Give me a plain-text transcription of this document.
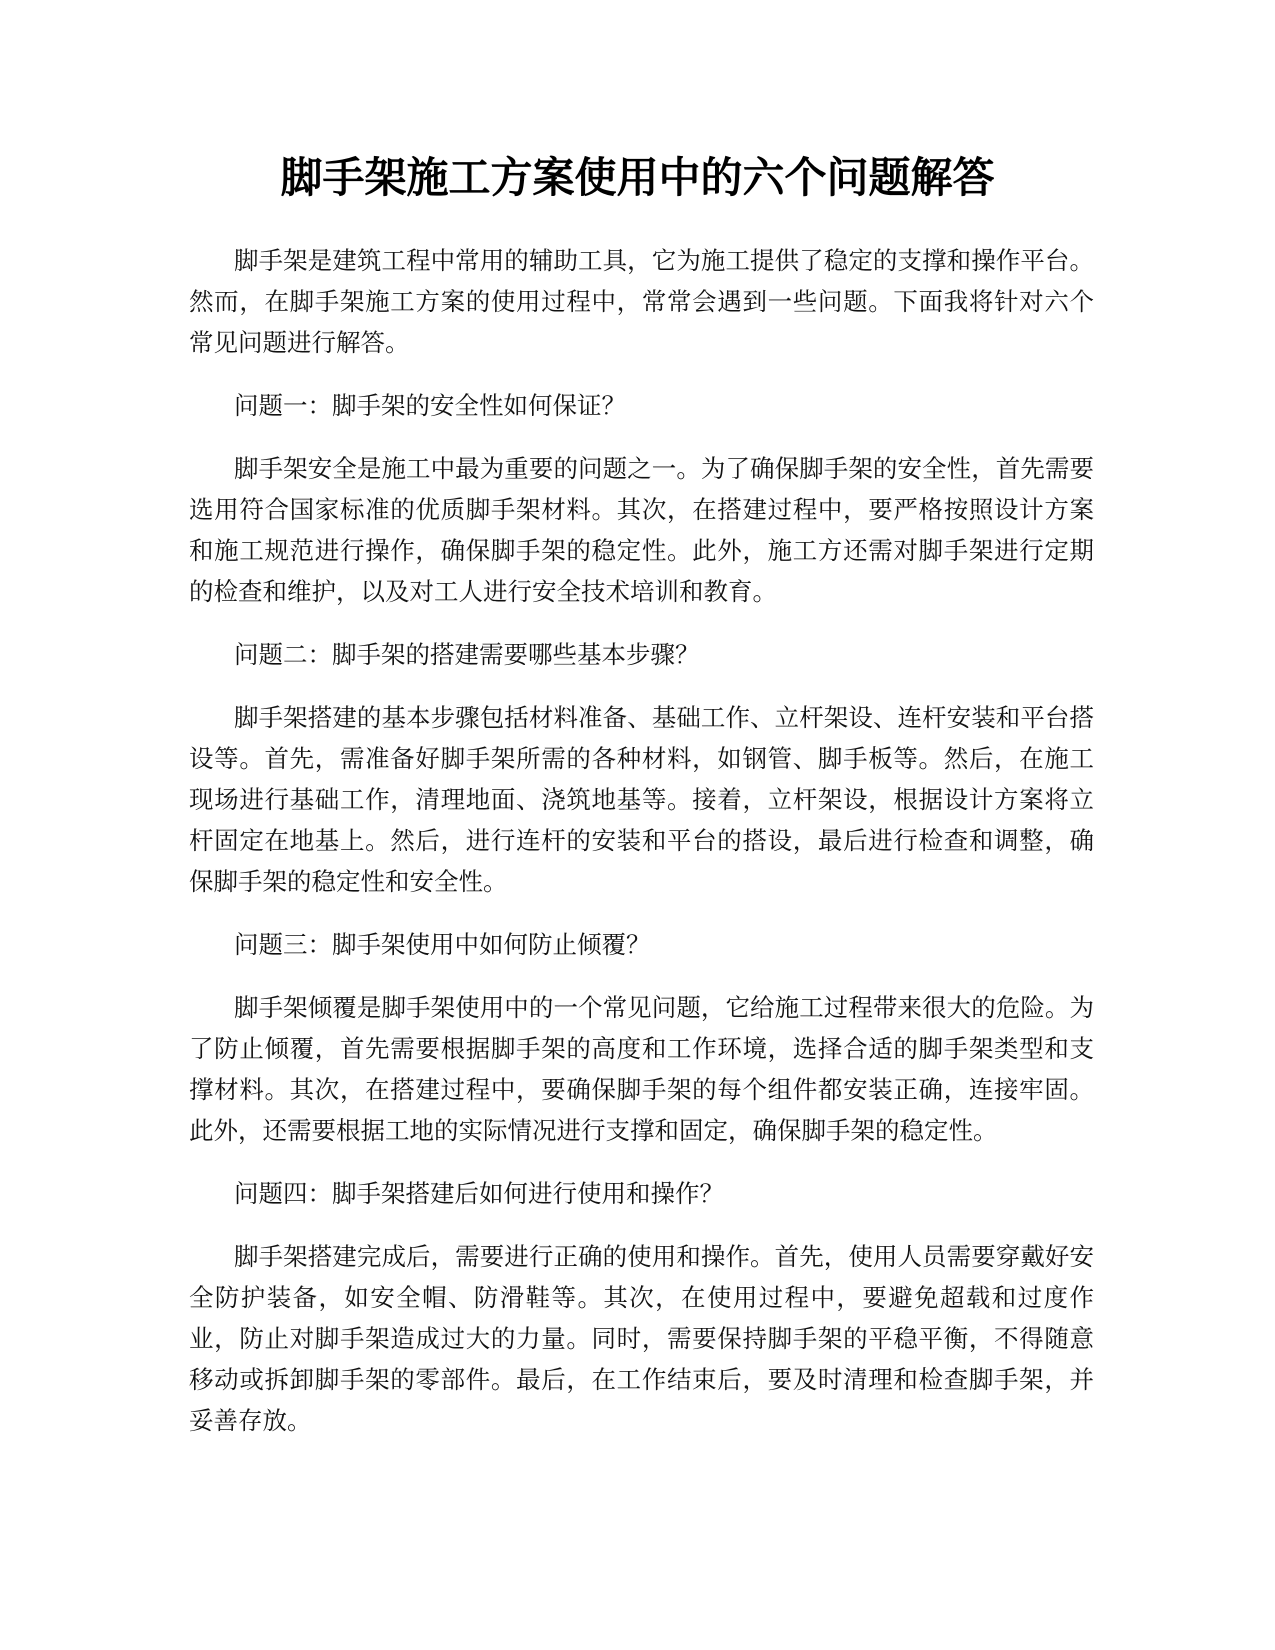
脚手架施工方案使用中的六个问题解答

脚手架是建筑工程中常用的辅助工具，它为施工提供了稳定的支撑和操作平台。然而，在脚手架施工方案的使用过程中，常常会遇到一些问题。下面我将针对六个常见问题进行解答。

问题一：脚手架的安全性如何保证？

脚手架安全是施工中最为重要的问题之一。为了确保脚手架的安全性，首先需要选用符合国家标准的优质脚手架材料。其次，在搭建过程中，要严格按照设计方案和施工规范进行操作，确保脚手架的稳定性。此外，施工方还需对脚手架进行定期的检查和维护，以及对工人进行安全技术培训和教育。

问题二：脚手架的搭建需要哪些基本步骤？

脚手架搭建的基本步骤包括材料准备、基础工作、立杆架设、连杆安装和平台搭设等。首先，需准备好脚手架所需的各种材料，如钢管、脚手板等。然后，在施工现场进行基础工作，清理地面、浇筑地基等。接着，立杆架设，根据设计方案将立杆固定在地基上。然后，进行连杆的安装和平台的搭设，最后进行检查和调整，确保脚手架的稳定性和安全性。

问题三：脚手架使用中如何防止倾覆？

脚手架倾覆是脚手架使用中的一个常见问题，它给施工过程带来很大的危险。为了防止倾覆，首先需要根据脚手架的高度和工作环境，选择合适的脚手架类型和支撑材料。其次，在搭建过程中，要确保脚手架的每个组件都安装正确，连接牢固。此外，还需要根据工地的实际情况进行支撑和固定，确保脚手架的稳定性。

问题四：脚手架搭建后如何进行使用和操作？

脚手架搭建完成后，需要进行正确的使用和操作。首先，使用人员需要穿戴好安全防护装备，如安全帽、防滑鞋等。其次，在使用过程中，要避免超载和过度作业，防止对脚手架造成过大的力量。同时，需要保持脚手架的平稳平衡，不得随意移动或拆卸脚手架的零部件。最后，在工作结束后，要及时清理和检查脚手架，并妥善存放。
